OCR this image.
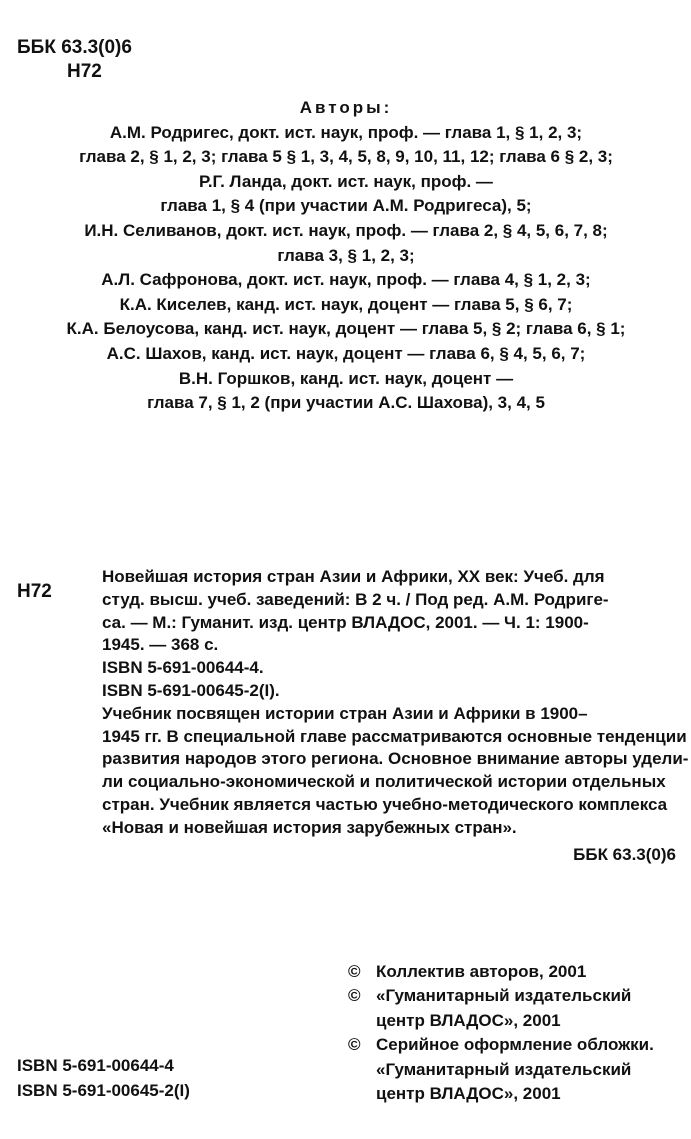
ББК 63.3(0)6
Н72
Авторы:
А.М. Родригес, докт. ист. наук, проф. — глава 1, § 1, 2, 3;
глава 2, § 1, 2, 3; глава 5 § 1, 3, 4, 5, 8, 9, 10, 11, 12; глава 6 § 2, 3;
Р.Г. Ланда, докт. ист. наук, проф. —
глава 1, § 4 (при участии А.М. Родригеса), 5;
И.Н. Селиванов, докт. ист. наук, проф. — глава 2, § 4, 5, 6, 7, 8;
глава 3, § 1, 2, 3;
А.Л. Сафронова, докт. ист. наук, проф. — глава 4, § 1, 2, 3;
К.А. Киселев, канд. ист. наук, доцент — глава 5, § 6, 7;
К.А. Белоусова, канд. ист. наук, доцент — глава 5, § 2; глава 6, § 1;
А.С. Шахов, канд. ист. наук, доцент — глава 6, § 4, 5, 6, 7;
В.Н. Горшков, канд. ист. наук, доцент —
глава 7, § 1, 2 (при участии А.С. Шахова), 3, 4, 5
Н72
Новейшая история стран Азии и Африки, XX век: Учеб. для
студ. высш. учеб. заведений: В 2 ч. / Под ред. А.М. Родриге-
са. — М.: Гуманит. изд. центр ВЛАДОС, 2001. — Ч. 1: 1900-
1945. — 368 с.
ISBN 5-691-00644-4.
ISBN 5-691-00645-2(I).
Учебник посвящен истории стран Азии и Африки в 1900–
1945 гг. В специальной главе рассматриваются основные тенденции
развития народов этого региона. Основное внимание авторы удели-
ли социально-экономической и политической истории отдельных
стран. Учебник является частью учебно-методического комплекса
«Новая и новейшая история зарубежных стран».
ББК 63.3(0)6
© Коллектив авторов, 2001
© «Гуманитарный издательский
центр ВЛАДОС», 2001
© Серийное оформление обложки.
«Гуманитарный издательский
центр ВЛАДОС», 2001
ISBN 5-691-00644-4
ISBN 5-691-00645-2(I)
